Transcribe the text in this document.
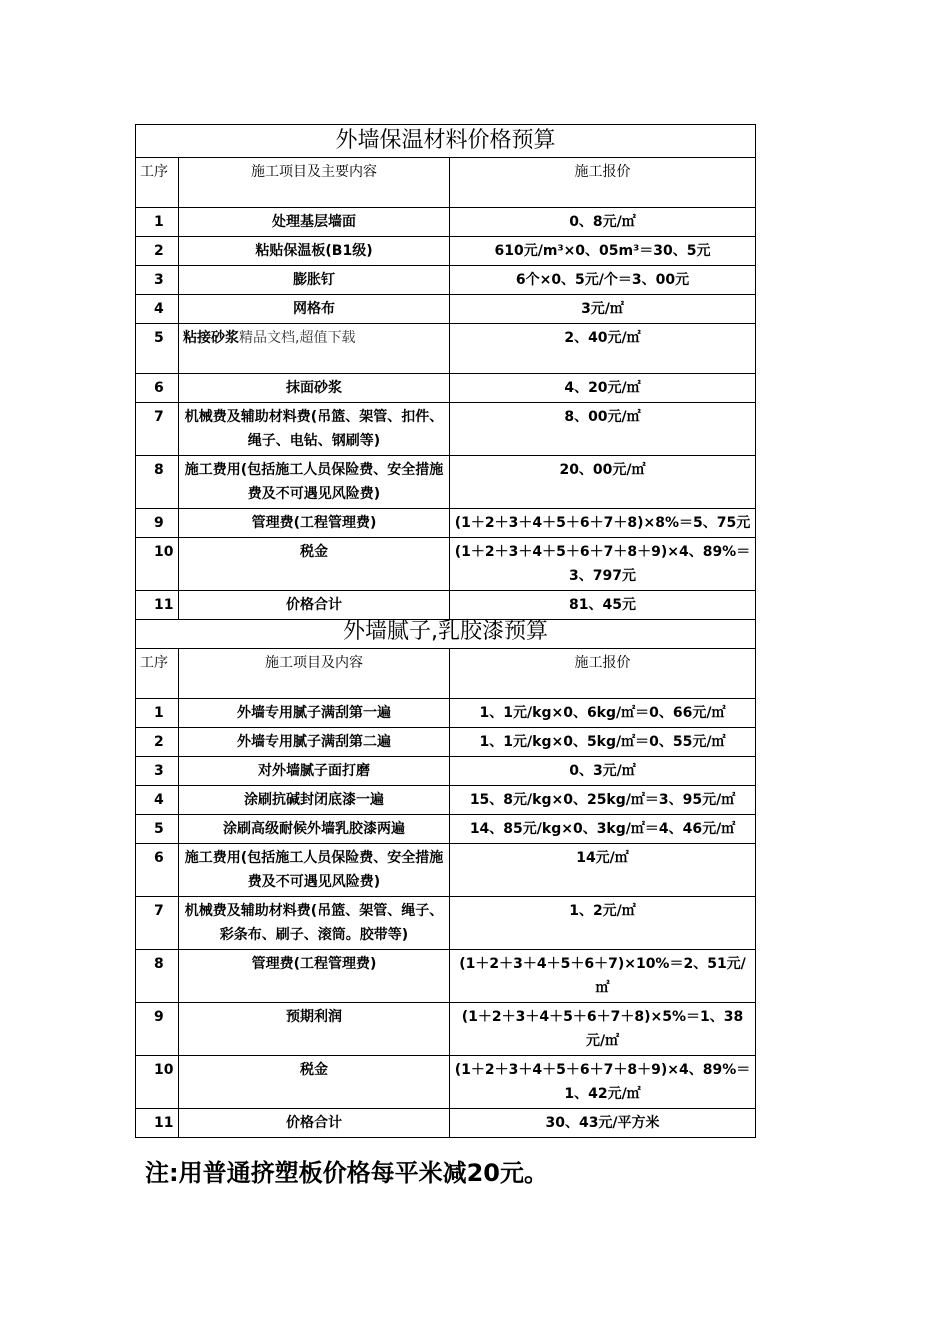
外墙保温材料价格预算		
工序	施工项目及主要内容	施工报价
1	处理基层墙面	0、8元/㎡
2	粘贴保温板(B1级)	610元/m³×0、05m³＝30、5元
3	膨胀钉	6个×0、5元/个＝3、00元
4	网格布	3元/㎡
5	粘接砂浆精品文档,超值下载	2、40元/㎡
6	抹面砂浆	4、20元/㎡
7	机械费及辅助材料费(吊篮、架管、扣件、绳子、电钻、钢刷等)	8、00元/㎡
8	施工费用(包括施工人员保险费、安全措施费及不可遇见风险费)	20、00元/㎡
9	管理费(工程管理费)	(1＋2＋3＋4＋5＋6＋7＋8)×8%＝5、75元
10	税金	(1＋2＋3＋4＋5＋6＋7＋8＋9)×4、89%＝3、797元
11	价格合计	81、45元
外墙腻子,乳胶漆预算		
工序	施工项目及内容	施工报价
1	外墙专用腻子满刮第一遍	1、1元/kg×0、6kg/㎡＝0、66元/㎡
2	外墙专用腻子满刮第二遍	1、1元/kg×0、5kg/㎡＝0、55元/㎡
3	对外墙腻子面打磨	0、3元/㎡
4	涂刷抗碱封闭底漆一遍	15、8元/kg×0、25kg/㎡＝3、95元/㎡
5	涂刷高级耐候外墙乳胶漆两遍	14、85元/kg×0、3kg/㎡＝4、46元/㎡
6	施工费用(包括施工人员保险费、安全措施费及不可遇见风险费)	14元/㎡
7	机械费及辅助材料费(吊篮、架管、绳子、彩条布、刷子、滚筒。胶带等)	1、2元/㎡
8	管理费(工程管理费)	(1＋2＋3＋4＋5＋6＋7)×10%＝2、51元/㎡
9	预期利润	(1＋2＋3＋4＋5＋6＋7＋8)×5%＝1、38元/㎡
10	税金	(1＋2＋3＋4＋5＋6＋7＋8＋9)×4、89%＝1、42元/㎡
11	价格合计	30、43元/平方米
注:用普通挤塑板价格每平米减20元。
